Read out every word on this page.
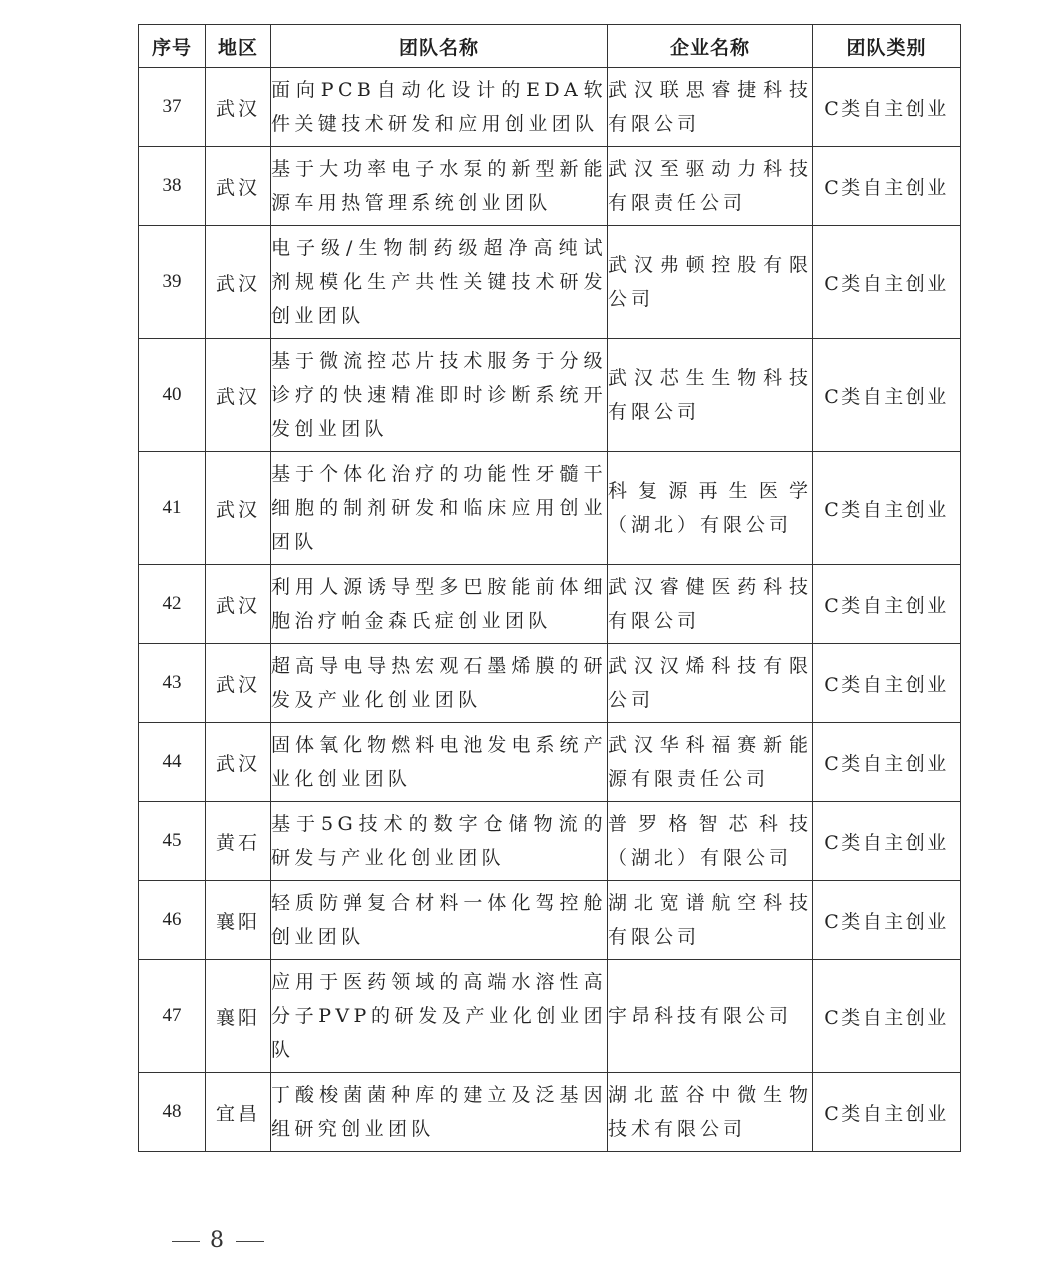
序号	地区	团队名称	企业名称	团队类别
37	武汉	面向PCB自动化设计的EDA软件关键技术研发和应用创业团队	武汉联思睿捷科技有限公司	C类自主创业
38	武汉	基于大功率电子水泵的新型新能源车用热管理系统创业团队	武汉至驱动力科技有限责任公司	C类自主创业
39	武汉	电子级/生物制药级超净高纯试剂规模化生产共性关键技术研发创业团队	武汉弗顿控股有限公司	C类自主创业
40	武汉	基于微流控芯片技术服务于分级诊疗的快速精准即时诊断系统开发创业团队	武汉芯生生物科技有限公司	C类自主创业
41	武汉	基于个体化治疗的功能性牙髓干细胞的制剂研发和临床应用创业团队	科复源再生医学（湖北）有限公司	C类自主创业
42	武汉	利用人源诱导型多巴胺能前体细胞治疗帕金森氏症创业团队	武汉睿健医药科技有限公司	C类自主创业
43	武汉	超高导电导热宏观石墨烯膜的研发及产业化创业团队	武汉汉烯科技有限公司	C类自主创业
44	武汉	固体氧化物燃料电池发电系统产业化创业团队	武汉华科福赛新能源有限责任公司	C类自主创业
45	黄石	基于5G技术的数字仓储物流的研发与产业化创业团队	普罗格智芯科技（湖北）有限公司	C类自主创业
46	襄阳	轻质防弹复合材料一体化驾控舱创业团队	湖北宽谱航空科技有限公司	C类自主创业
47	襄阳	应用于医药领域的高端水溶性高分子PVP的研发及产业化创业团队	宇昂科技有限公司	C类自主创业
48	宜昌	丁酸梭菌菌种库的建立及泛基因组研究创业团队	湖北蓝谷中微生物技术有限公司	C类自主创业
8
